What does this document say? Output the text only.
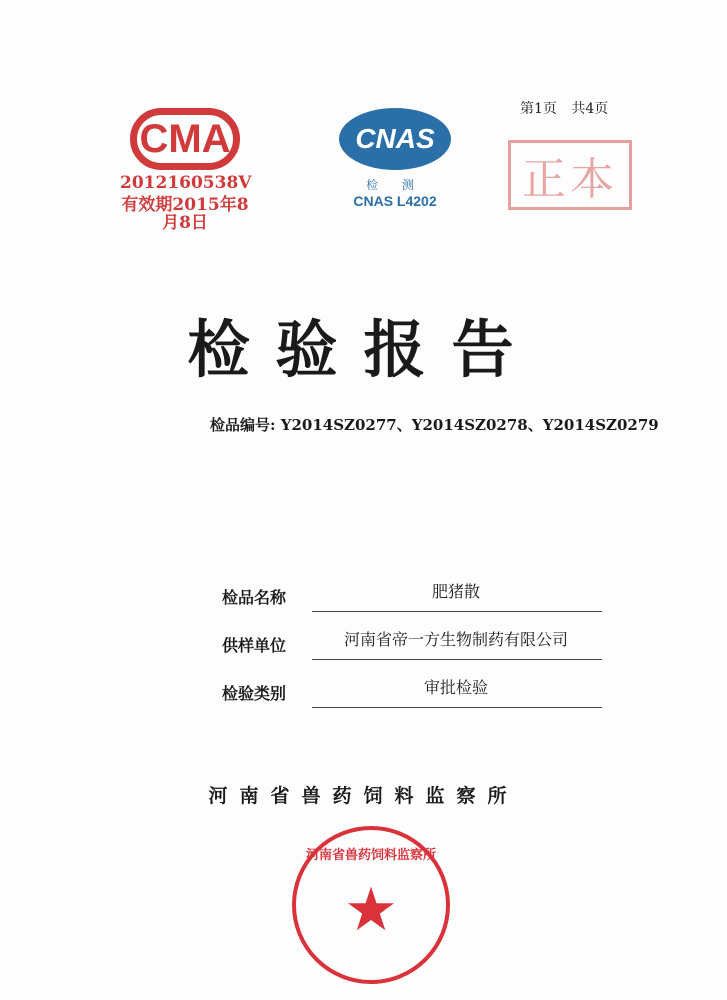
第1页 共4页
CMA
2012160538V
有效期2015年8月8日
CNAS
检 测
CNAS L4202	正本
检验报告
检品编号: Y2014SZ0277、Y2014SZ0278、Y2014SZ0279
检品名称	肥猪散
供样单位	河南省帝一方生物制药有限公司
检验类别	审批检验
河南省兽药饲料监察所
河南省兽药饲料监察所
★
